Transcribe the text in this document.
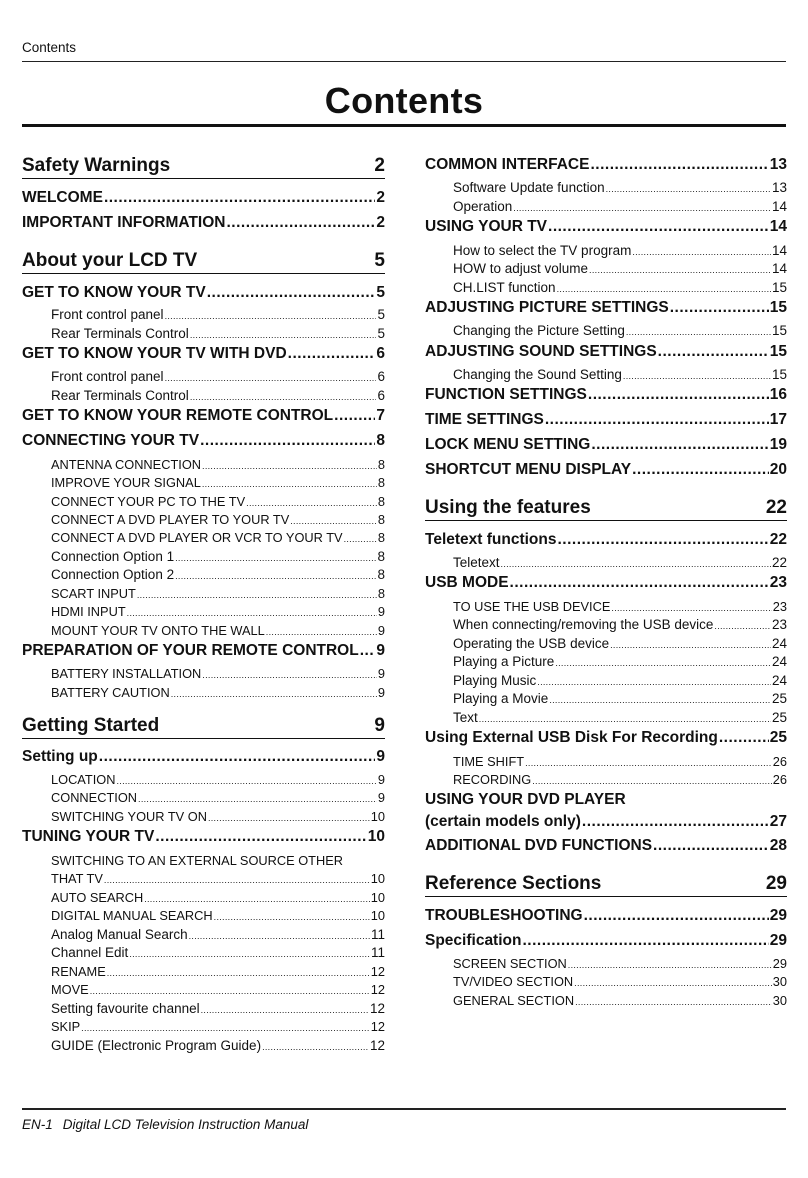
Contents
Contents
Safety Warnings	2
WELCOME .....	2
IMPORTANT INFORMATION .....	2
About your LCD TV	5
GET TO KNOW YOUR TV .....	5
Front control panel .....	5
Rear Terminals Control .....	5
GET TO KNOW YOUR TV WITH DVD .....	6
Front control panel .....	6
Rear Terminals Control .....	6
GET TO KNOW YOUR REMOTE CONTROL .....	7
CONNECTING YOUR TV .....	8
ANTENNA CONNECTION .....	8
IMPROVE YOUR SIGNAL .....	8
CONNECT YOUR PC TO THE TV .....	8
CONNECT A DVD PLAYER TO YOUR TV .....	8
CONNECT A DVD PLAYER OR VCR TO YOUR TV .....	8
Connection Option 1 .....	8
Connection Option 2 .....	8
SCART INPUT .....	8
HDMI INPUT .....	9
MOUNT YOUR TV ONTO THE WALL .....	9
PREPARATION OF YOUR REMOTE CONTROL ..... 9
BATTERY INSTALLATION .....	9
BATTERY CAUTION .....	9
Getting Started	9
Setting up .....	9
LOCATION .....	9
CONNECTION .....	9
SWITCHING YOUR TV ON .....	10
TUNING YOUR TV .....	10
SWITCHING TO AN EXTERNAL SOURCE OTHER
THAT TV .....	10
AUTO SEARCH .....	10
DIGITAL MANUAL SEARCH .....	10
Analog Manual Search .....	11
Channel Edit .....	11
RENAME .....	12
MOVE .....	12
Setting favourite channel .....	12
SKIP .....	12
GUIDE (Electronic Program Guide) .....	12
COMMON INTERFACE .....	13
Software Update function .....	13
Operation .....	14
USING YOUR TV .....	14
How to select the TV program .....	14
HOW to adjust volume .....	14
CH.LIST function .....	15
ADJUSTING PICTURE SETTINGS .....	15
Changing the Picture Setting .....	15
ADJUSTING SOUND SETTINGS .....	15
Changing the Sound Setting .....	15
FUNCTION SETTINGS .....	16
TIME SETTINGS .....	17
LOCK MENU SETTING .....	19
SHORTCUT MENU DISPLAY .....	20
Using the features	22
Teletext functions .....	22
Teletext .....	22
USB MODE .....	23
TO USE THE USB DEVICE .....	23
When connecting/removing the USB device .....	23
Operating the USB device .....	24
Playing a Picture .....	24
Playing Music .....	24
Playing a Movie .....	25
Text .....	25
Using External USB Disk For Recording .....	25
TIME SHIFT .....	26
RECORDING .....	26
USING YOUR DVD PLAYER
(certain models only) .....	27
ADDITIONAL DVD FUNCTIONS .....	28
Reference Sections	29
TROUBLESHOOTING .....	29
Specification .....	29
SCREEN SECTION .....	29
TV/VIDEO SECTION .....	30
GENERAL SECTION .....	30
EN-1 Digital LCD Television Instruction Manual
